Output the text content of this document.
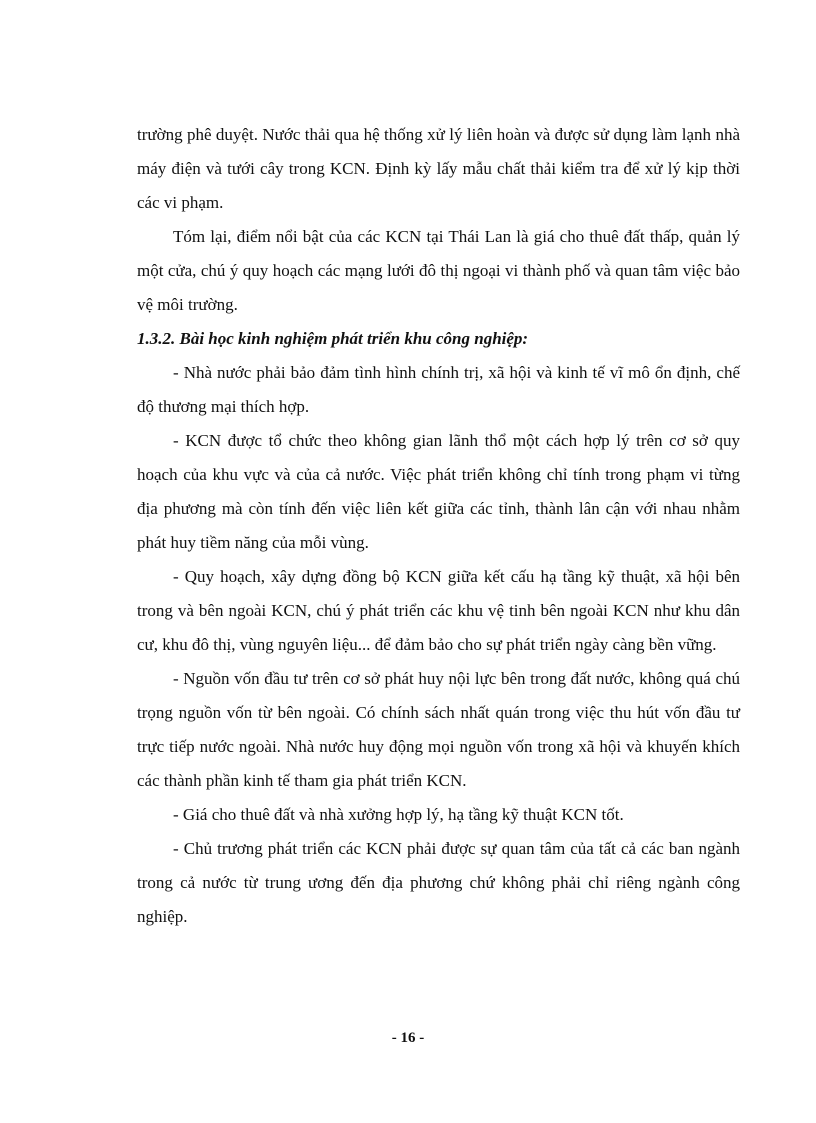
trường phê duyệt. Nước thải qua hệ thống xử lý liên hoàn và được sử dụng làm lạnh nhà máy điện và tưới cây trong KCN. Định kỳ lấy mẫu chất thải kiểm tra để xử lý kịp thời các vi phạm.

Tóm lại, điểm nổi bật của các KCN tại Thái Lan là giá cho thuê đất thấp, quản lý một cửa, chú ý quy hoạch các mạng lưới đô thị ngoại vi thành phố và quan tâm việc bảo vệ môi trường.

1.3.2. Bài học kinh nghiệm phát triển khu công nghiệp:

- Nhà nước phải bảo đảm tình hình chính trị, xã hội và kinh tế vĩ mô ổn định, chế độ thương mại thích hợp.

- KCN được tổ chức theo không gian lãnh thổ một cách hợp lý trên cơ sở quy hoạch của khu vực và của cả nước. Việc phát triển không chỉ tính trong phạm vi từng địa phương mà còn tính đến việc liên kết giữa các tỉnh, thành lân cận với nhau nhằm phát huy tiềm năng của mỗi vùng.

- Quy hoạch, xây dựng đồng bộ KCN giữa kết cấu hạ tầng kỹ thuật, xã hội bên trong và bên ngoài KCN, chú ý phát triển các khu vệ tinh bên ngoài KCN như khu dân cư, khu đô thị, vùng nguyên liệu... để đảm bảo cho sự phát triển ngày càng bền vững.

- Nguồn vốn đầu tư trên cơ sở phát huy nội lực bên trong đất nước, không quá chú trọng nguồn vốn từ bên ngoài. Có chính sách nhất quán trong việc thu hút vốn đầu tư trực tiếp nước ngoài. Nhà nước huy động mọi nguồn vốn trong xã hội và khuyến khích các thành phần kinh tế tham gia phát triển KCN.

- Giá cho thuê đất và nhà xưởng hợp lý, hạ tầng kỹ thuật KCN tốt.

- Chủ trương phát triển các KCN phải được sự quan tâm của tất cả các ban ngành trong cả nước từ trung ương đến địa phương chứ không phải chỉ riêng ngành công nghiệp.

- 16 -
